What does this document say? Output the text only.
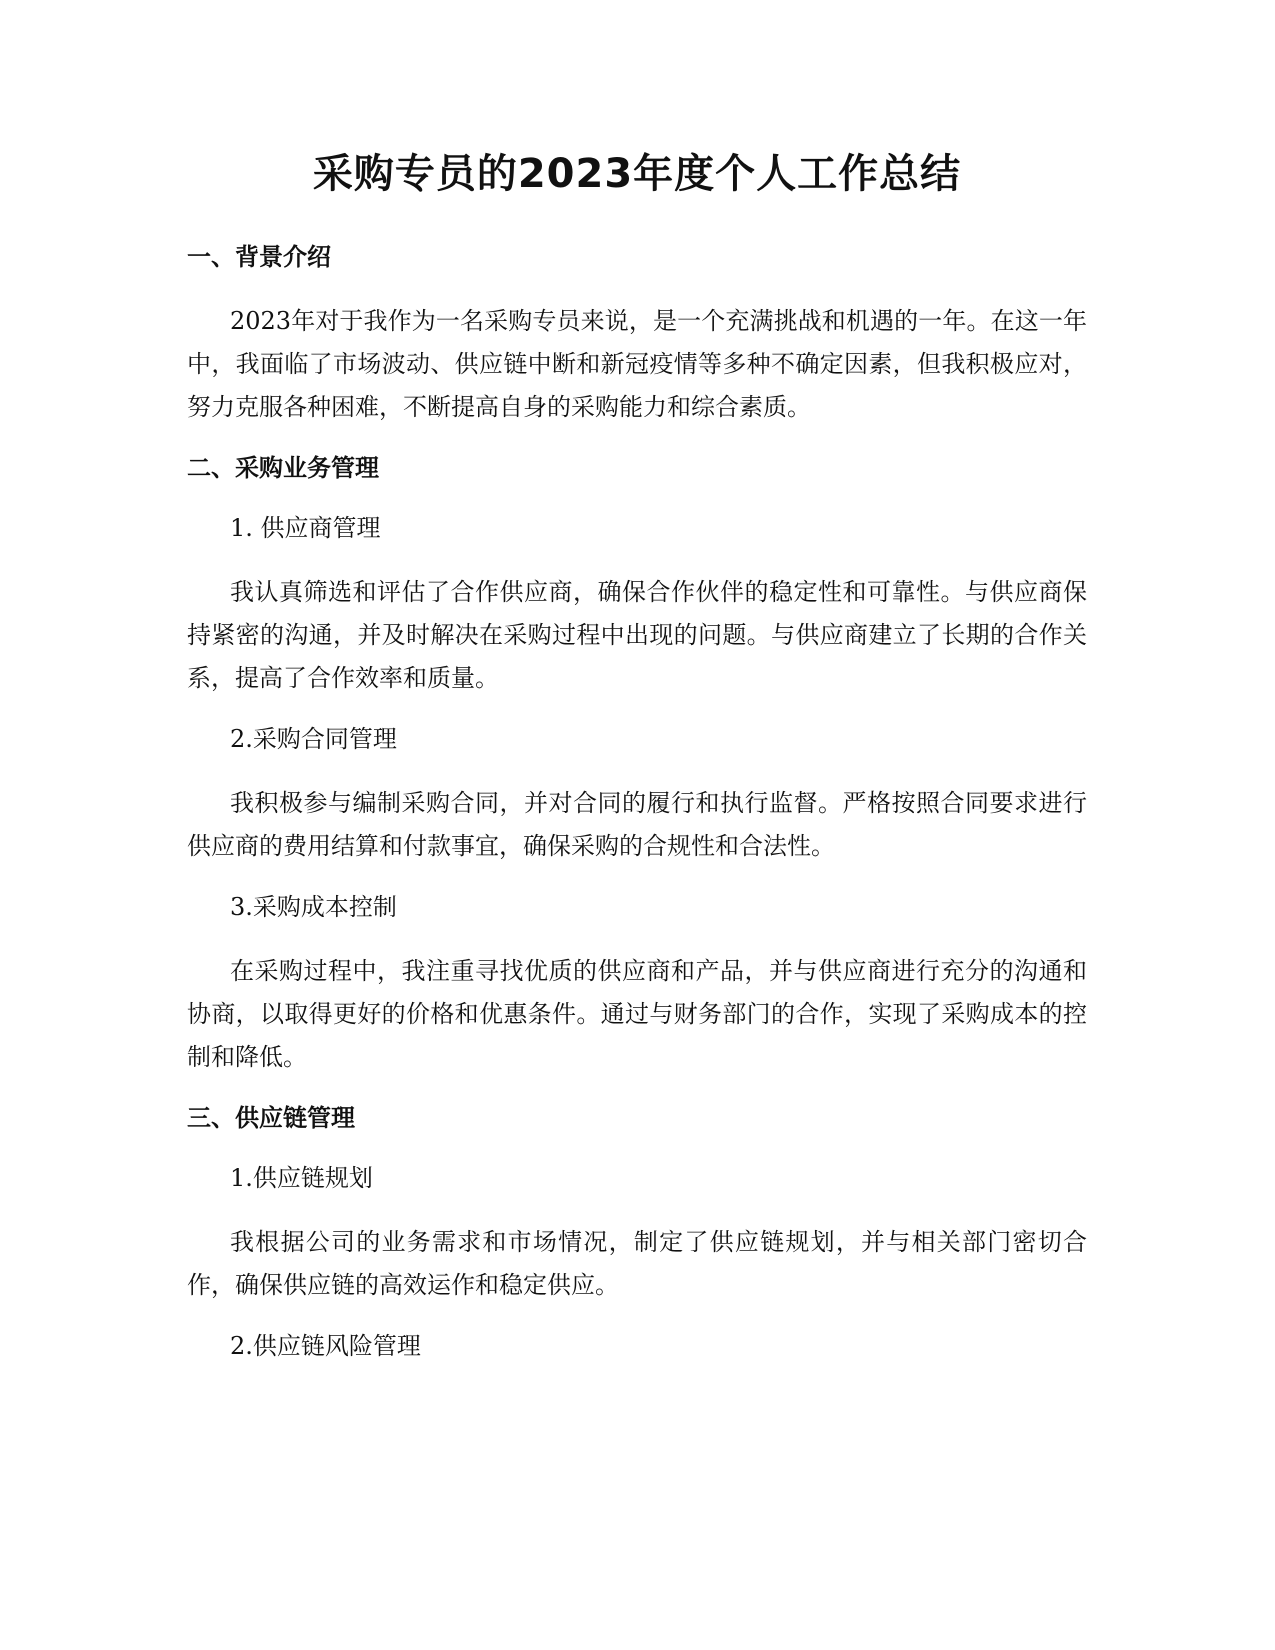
采购专员的2023年度个人工作总结
一、背景介绍

2023年对于我作为一名采购专员来说，是一个充满挑战和机遇的一年。在这一年中，我面临了市场波动、供应链中断和新冠疫情等多种不确定因素，但我积极应对，努力克服各种困难，不断提高自身的采购能力和综合素质。

二、采购业务管理
1. 供应商管理

我认真筛选和评估了合作供应商，确保合作伙伴的稳定性和可靠性。与供应商保持紧密的沟通，并及时解决在采购过程中出现的问题。与供应商建立了长期的合作关系，提高了合作效率和质量。

2.采购合同管理

我积极参与编制采购合同，并对合同的履行和执行监督。严格按照合同要求进行供应商的费用结算和付款事宜，确保采购的合规性和合法性。

3.采购成本控制

在采购过程中，我注重寻找优质的供应商和产品，并与供应商进行充分的沟通和协商，以取得更好的价格和优惠条件。通过与财务部门的合作，实现了采购成本的控制和降低。

三、供应链管理
1.供应链规划

我根据公司的业务需求和市场情况，制定了供应链规划，并与相关部门密切合作，确保供应链的高效运作和稳定供应。

2.供应链风险管理
